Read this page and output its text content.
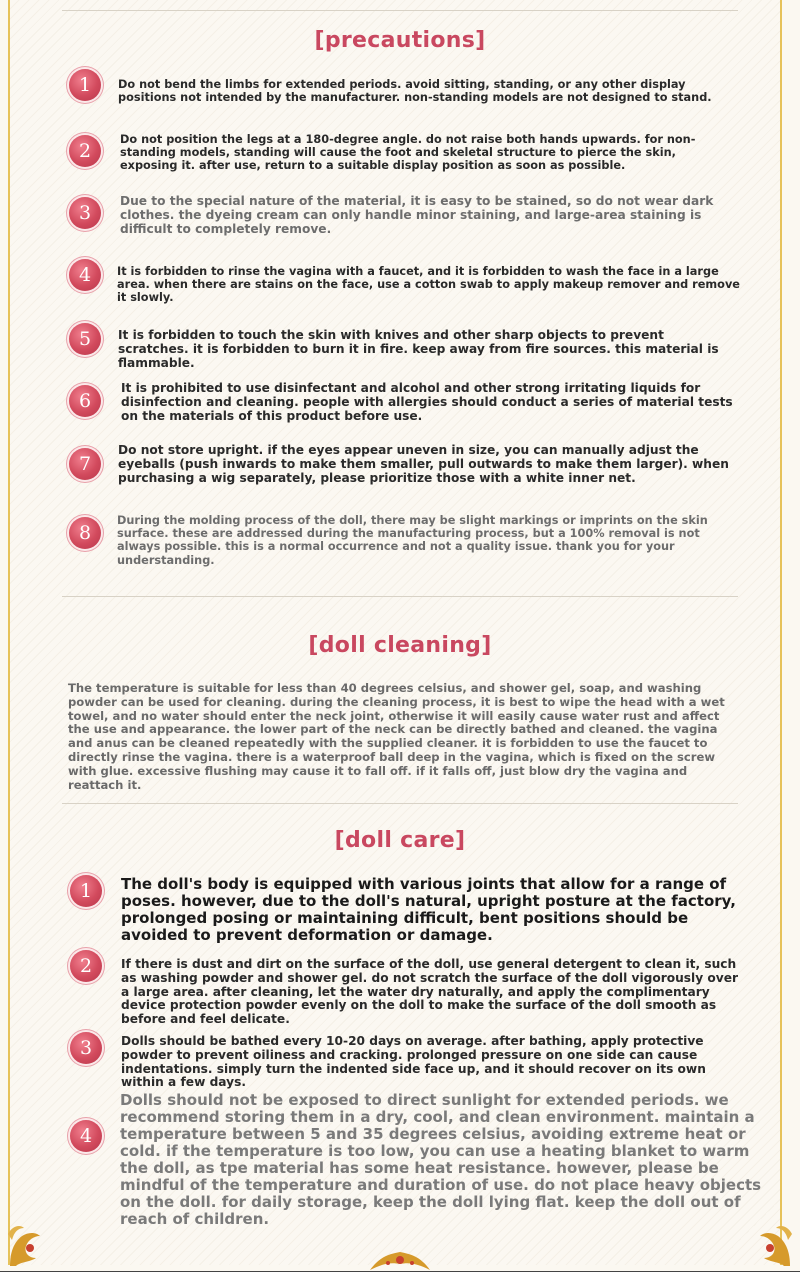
[precautions]
1	Do not bend the limbs for extended periods. avoid sitting, standing, or any other display positions not intended by the manufacturer. non-standing models are not designed to stand.
2
Do not position the legs at a 180-degree angle. do not raise both hands upwards. for non-standing models, standing will cause the foot and skeletal structure to pierce the skin, exposing it. after use, return to a suitable display position as soon as possible.
3
Due to the special nature of the material, it is easy to be stained, so do not wear dark clothes. the dyeing cream can only handle minor staining, and large-area staining is difficult to completely remove.
4	It is forbidden to rinse the vagina with a faucet, and it is forbidden to wash the face in a large area. when there are stains on the face, use a cotton swab to apply makeup remover and remove it slowly.
5	It is forbidden to touch the skin with knives and other sharp objects to prevent scratches. it is forbidden to burn it in fire. keep away from fire sources. this material is flammable.
6
It is prohibited to use disinfectant and alcohol and other strong irritating liquids for disinfection and cleaning. people with allergies should conduct a series of material tests on the materials of this product before use.
7
Do not store upright. if the eyes appear uneven in size, you can manually adjust the eyeballs (push inwards to make them smaller, pull outwards to make them larger). when purchasing a wig separately, please prioritize those with a white inner net.
8
During the molding process of the doll, there may be slight markings or imprints on the skin surface. these are addressed during the manufacturing process, but a 100% removal is not always possible. this is a normal occurrence and not a quality issue. thank you for your understanding.
[doll cleaning]
The temperature is suitable for less than 40 degrees celsius, and shower gel, soap, and washing powder can be used for cleaning. during the cleaning process, it is best to wipe the head with a wet towel, and no water should enter the neck joint, otherwise it will easily cause water rust and affect the use and appearance. the lower part of the neck can be directly bathed and cleaned. the vagina and anus can be cleaned repeatedly with the supplied cleaner. it is forbidden to use the faucet to directly rinse the vagina. there is a waterproof ball deep in the vagina, which is fixed on the screw with glue. excessive flushing may cause it to fall off. if it falls off, just blow dry the vagina and reattach it.
[doll care]
1	The doll's body is equipped with various joints that allow for a range of poses. however, due to the doll's natural, upright posture at the factory, prolonged posing or maintaining difficult, bent positions should be avoided to prevent deformation or damage.
2	If there is dust and dirt on the surface of the doll, use general detergent to clean it, such as washing powder and shower gel. do not scratch the surface of the doll vigorously over a large area. after cleaning, let the water dry naturally, and apply the complimentary device protection powder evenly on the doll to make the surface of the doll smooth as before and feel delicate.
3	Dolls should be bathed every 10-20 days on average. after bathing, apply protective powder to prevent oiliness and cracking. prolonged pressure on one side can cause indentations. simply turn the indented side face up, and it should recover on its own within a few days.
4
Dolls should not be exposed to direct sunlight for extended periods. we recommend storing them in a dry, cool, and clean environment. maintain a temperature between 5 and 35 degrees celsius, avoiding extreme heat or cold. if the temperature is too low, you can use a heating blanket to warm the doll, as tpe material has some heat resistance. however, please be mindful of the temperature and duration of use. do not place heavy objects on the doll. for daily storage, keep the doll lying flat. keep the doll out of reach of children.
